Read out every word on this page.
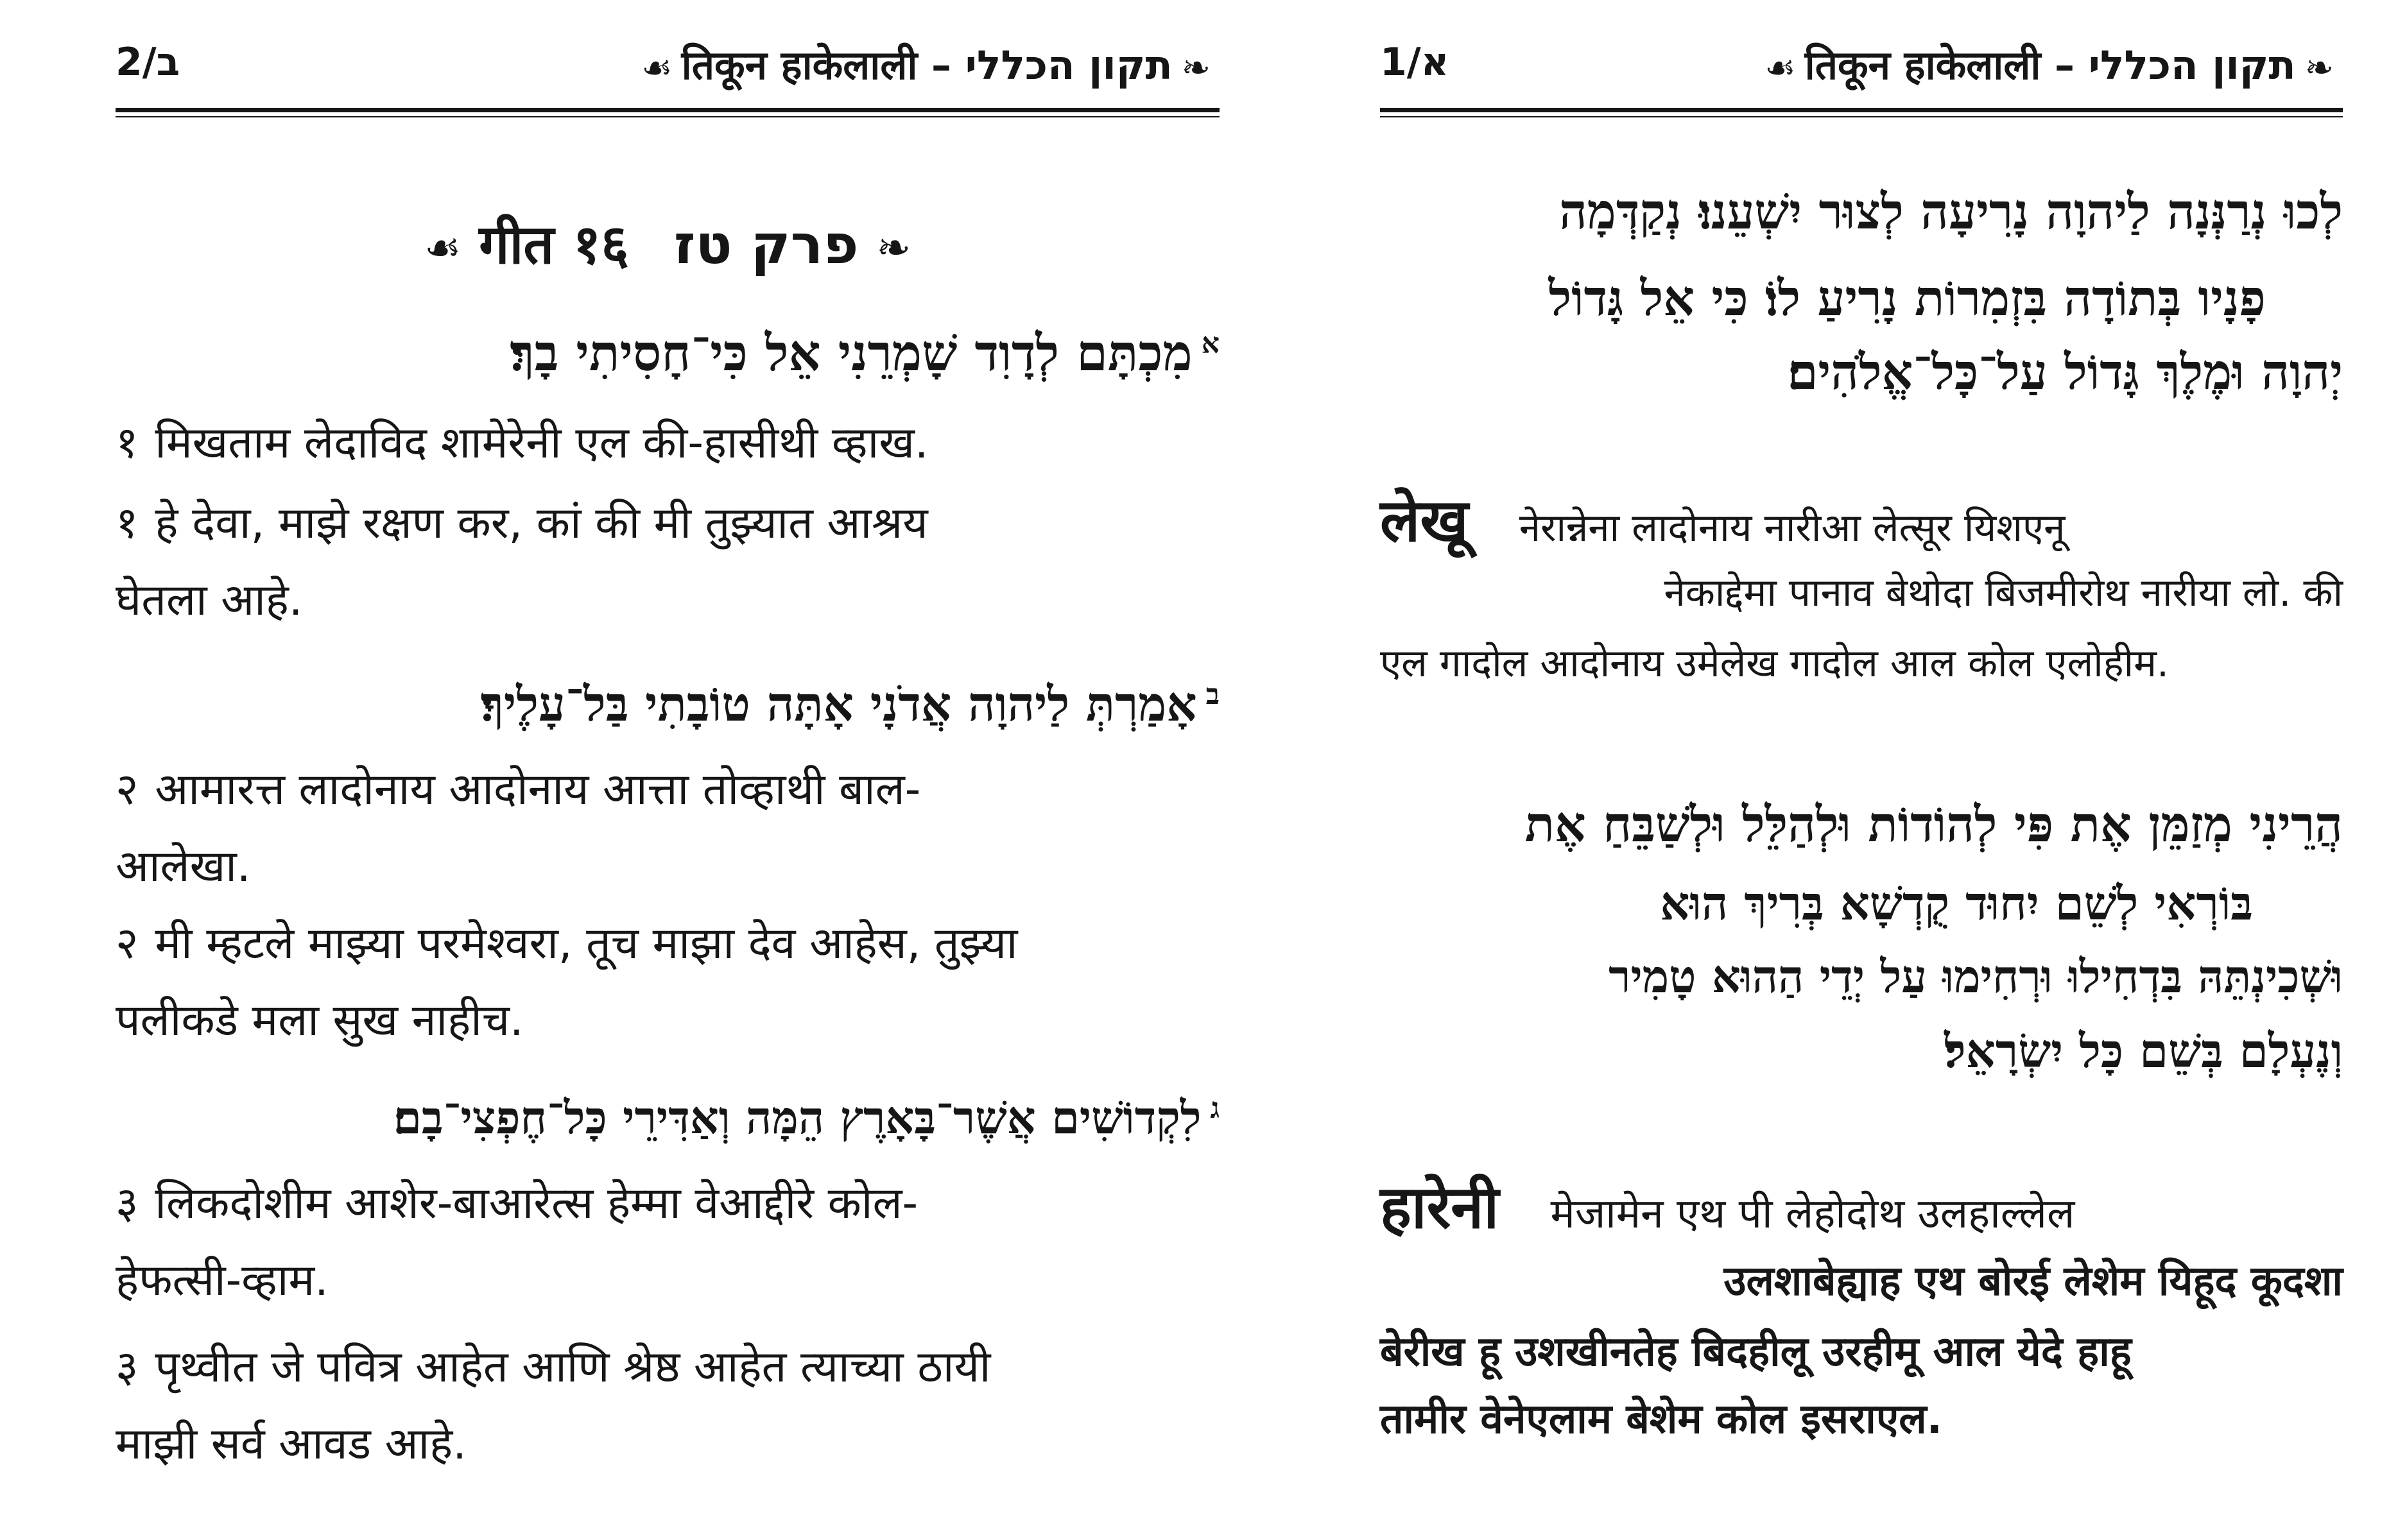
2/ב	☙ तिकून हाकेलाली – תקון הכללי ❧
☙ गीत १६ פרק טז ❧
$^א$מִכְתָּם לְדָוִד שָׁמְרֵנִי אֵל כִּי־חָסִיתִי בָךְ׃
१ मिखताम लेदाविद शामेरेनी एल की-हासीथी व्हाख.
१ हे देवा, माझे रक्षण कर, कां की मी तुझ्यात आश्रय
घेतला आहे.
$^ב$אָמַרְתְּ לַיהוָה אֲדֹנָי אָתָּה טוֹבָתִי בַּל־עָלֶיךָ׃
२ आमारत्त लादोनाय आदोनाय आत्ता तोव्हाथी बाल-
आलेखा.
२ मी म्हटले माझ्या परमेश्वरा, तूच माझा देव आहेस, तुझ्या
पलीकडे मला सुख नाहीच.
$^ג$לִקְדוֹשִׁים אֲשֶׁר־בָּאָרֶץ הֵמָּה וְאַדִּירֵי כָּל־חֶפְצִי־בָם׃
३ लिकदोशीम आशेर-बाआरेत्स हेम्मा वेआद्दीरे कोल-
हेफत्सी-व्हाम.
३ पृथ्वीत जे पवित्र आहेत आणि श्रेष्ठ आहेत त्याच्या ठायी
माझी सर्व आवड आहे.
1/א	☙ तिकून हाकेलाली – תקון הכללי ❧
לְכוּ נְרַנְּנָה לַיהוָה נָרִיעָה לְצוּר יִשְׁעֵנוּ׃ נְקַדְּמָה
פָנָיו בְּתוֹדָה בִּזְמִרוֹת נָרִיעַ לוֹ׃ כִּי אֵל גָּדוֹל
יְהוָה וּמֶלֶךְ גָּדוֹל עַל־כָּל־אֱלֹהִים׃
लेखू नेरान्नेना लादोनाय नारीआ लेत्सूर यिशएनू
नेकाद्देमा पानाव बेथोदा बिजमीरोथ नारीया लो. की
एल गादोल आदोनाय उमेलेख गादोल आल कोल एलोहीम.
הֲרֵינִי מְזַמֵּן אֶת פִּי לְהוֹדוֹת וּלְהַלֵּל וּלְשַׁבֵּחַ אֶת
בּוֹרְאִי לְשֵׁם יִחוּד קֻדְשָׁא בְּרִיךְ הוּא
וּשְׁכִינְתֵּהּ בִּדְחִילוּ וּרְחִימוּ עַל יְדֵי הַהוּא טָמִיר
וְנֶעְלָם בְּשֵׁם כָּל יִשְׂרָאֵל׃
हारेनी मेजामेन एथ पी लेहोदोथ उलहाल्लेल
उलशाबेह्याह एथ बोरई लेशेम यिहूद कूदशा
बेरीख हू उशखीनतेह बिदहीलू उरहीमू आल येदे हाहू
तामीर वेनेएलाम बेशेम कोल इसराएल.
